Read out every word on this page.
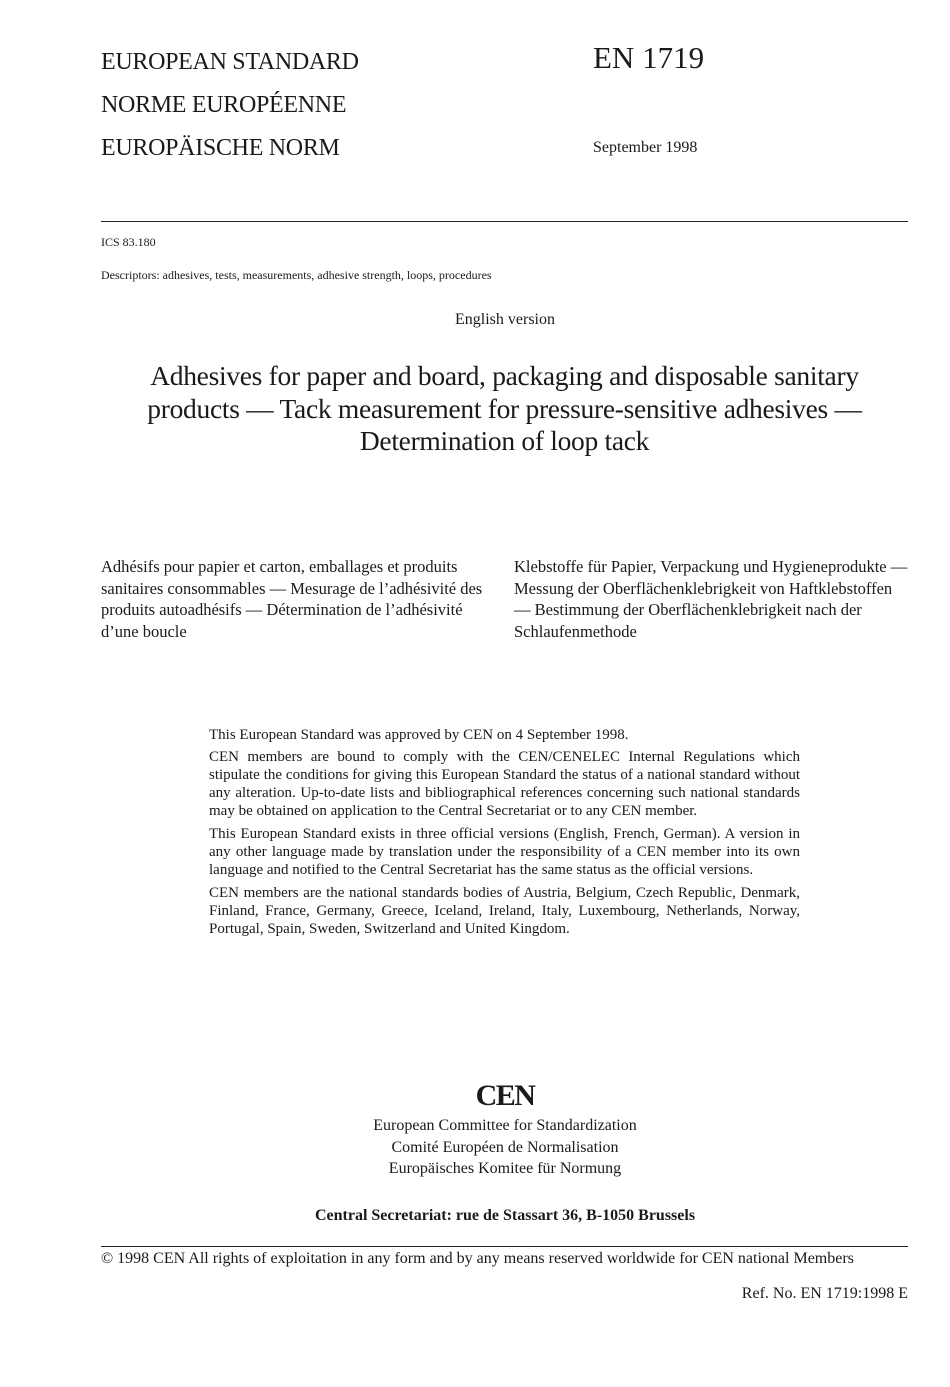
EUROPEAN STANDARD
NORME EUROPÉENNE
EUROPÄISCHE NORM
EN 1719
September 1998
ICS 83.180
Descriptors: adhesives, tests, measurements, adhesive strength, loops, procedures
English version
Adhesives for paper and board, packaging and disposable sanitary products — Tack measurement for pressure-sensitive adhesives — Determination of loop tack
Adhésifs pour papier et carton, emballages et produits sanitaires consommables — Mesurage de l’adhésivité des produits autoadhésifs — Détermination de l’adhésivité d’une boucle
Klebstoffe für Papier, Verpackung und Hygieneprodukte — Messung der Oberflächenklebrigkeit von Haftklebstoffen — Bestimmung der Oberflächenklebrigkeit nach der Schlaufenmethode

This European Standard was approved by CEN on 4 September 1998.

CEN members are bound to comply with the CEN/CENELEC Internal Regulations which stipulate the conditions for giving this European Standard the status of a national standard without any alteration. Up-to-date lists and bibliographical references concerning such national standards may be obtained on application to the Central Secretariat or to any CEN member.

This European Standard exists in three official versions (English, French, German). A version in any other language made by translation under the responsibility of a CEN member into its own language and notified to the Central Secretariat has the same status as the official versions.

CEN members are the national standards bodies of Austria, Belgium, Czech Republic, Denmark, Finland, France, Germany, Greece, Iceland, Ireland, Italy, Luxembourg, Netherlands, Norway, Portugal, Spain, Sweden, Switzerland and United Kingdom.

CEN
European Committee for Standardization
Comité Européen de Normalisation
Europäisches Komitee für Normung
Central Secretariat: rue de Stassart 36, B-1050 Brussels
© 1998 CEN All rights of exploitation in any form and by any means reserved worldwide for CEN national Members
Ref. No. EN 1719:1998 E
